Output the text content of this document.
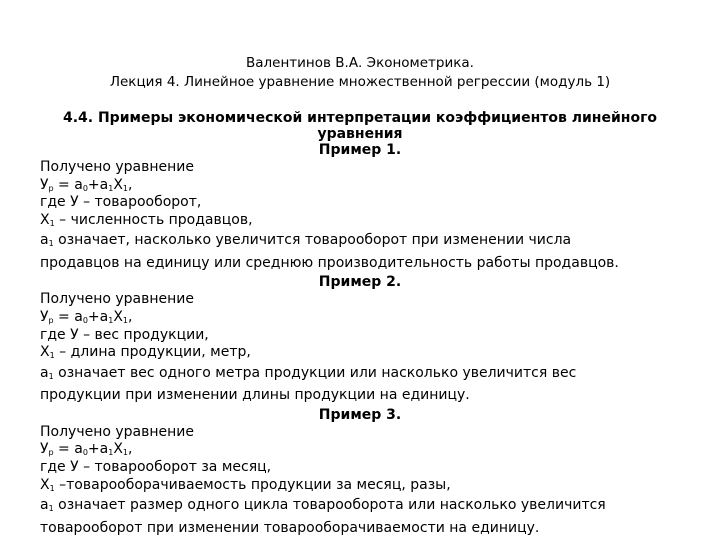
Валентинов В.А. Эконометрика.
Лекция 4. Линейное уравнение множественной регрессии (модуль 1)
4.4. Примеры экономической интерпретации коэффициентов линейного уравнения
Пример 1.
Получено уравнение
$У_р = a_0+a_1Х_1$,
где У – товарооборот,
$Х_1$ – численность продавцов,
$a_1$ означает, насколько увеличится товарооборот при изменении числа
продавцов на единицу или среднюю производительность работы продавцов.
Пример 2.
Получено уравнение
$У_р = a_0+a_1Х_1$,
где У – вес продукции,
$Х_1$ – длина продукции, метр,
$a_1$ означает вес одного метра продукции или насколько увеличится вес
продукции при изменении длины продукции на единицу.
Пример 3.
Получено уравнение
$У_р = a_0+a_1Х_1$,
где У – товарооборот за месяц,
$Х_1$ –товарооборачиваемость продукции за месяц, разы,
$a_1$ означает размер одного цикла товарооборота или насколько увеличится
товарооборот при изменении товарооборачиваемости на единицу.
